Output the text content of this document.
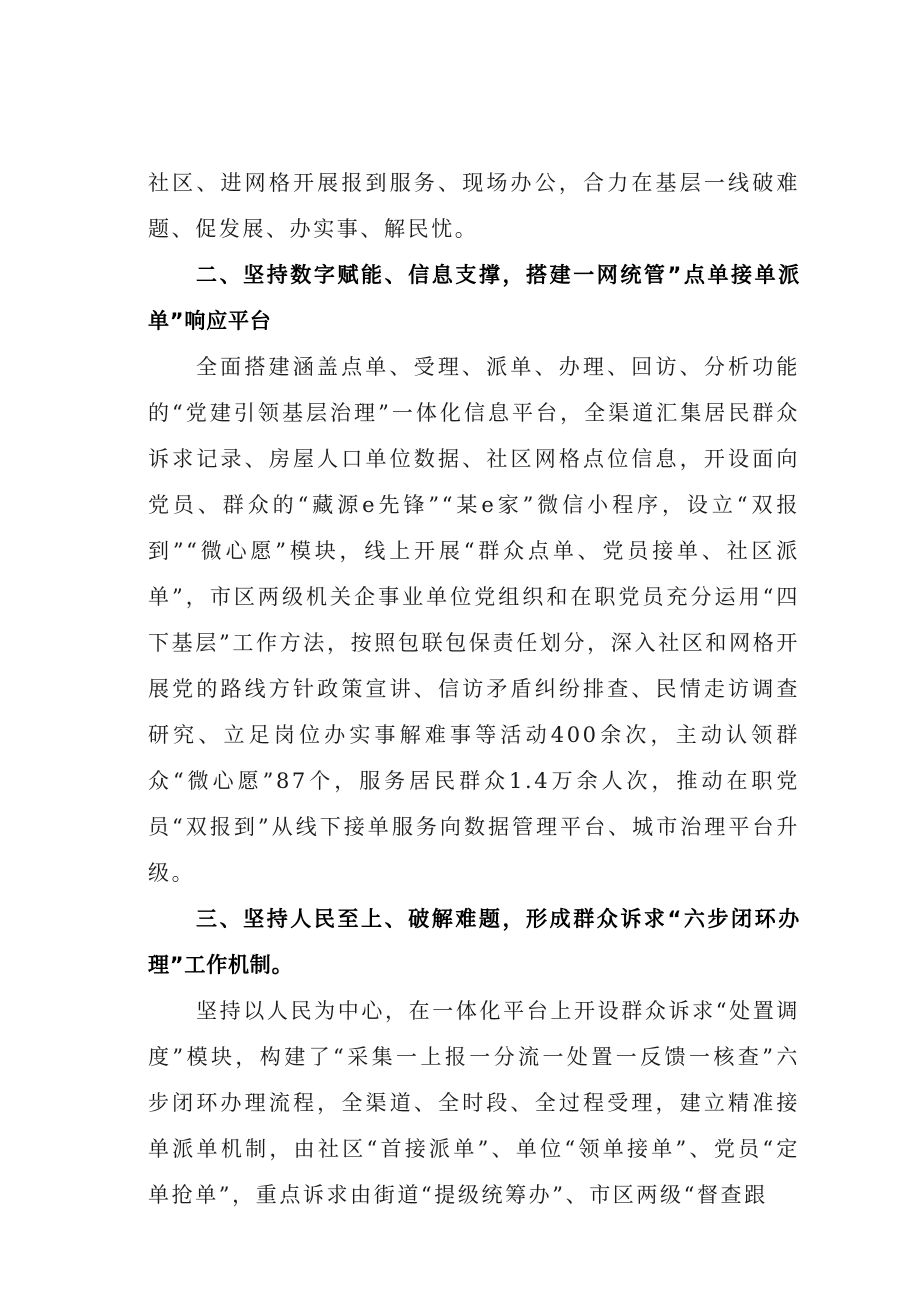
社区、进网格开展报到服务、现场办公，合力在基层一线破难题、促发展、办实事、解民忧。

二、坚持数字赋能、信息支撑，搭建一网统管”点单接单派单”响应平台

全面搭建涵盖点单、受理、派单、办理、回访、分析功能的“党建引领基层治理”一体化信息平台，全渠道汇集居民群众诉求记录、房屋人口单位数据、社区网格点位信息，开设面向党员、群众的“藏源e先锋”“某e家”微信小程序，设立“双报到”“微心愿”模块，线上开展“群众点单、党员接单、社区派单”，市区两级机关企事业单位党组织和在职党员充分运用“四下基层”工作方法，按照包联包保责任划分，深入社区和网格开展党的路线方针政策宣讲、信访矛盾纠纷排查、民情走访调查研究、立足岗位办实事解难事等活动400余次，主动认领群众“微心愿”87个，服务居民群众1.4万余人次，推动在职党员“双报到”从线下接单服务向数据管理平台、城市治理平台升级。

三、坚持人民至上、破解难题，形成群众诉求“六步闭环办理”工作机制。

坚持以人民为中心，在一体化平台上开设群众诉求“处置调度”模块，构建了“采集一上报一分流一处置一反馈一核查”六步闭环办理流程，全渠道、全时段、全过程受理，建立精准接单派单机制，由社区“首接派单”、单位“领单接单”、党员“定单抢单”，重点诉求由街道“提级统筹办”、市区两级“督查跟
